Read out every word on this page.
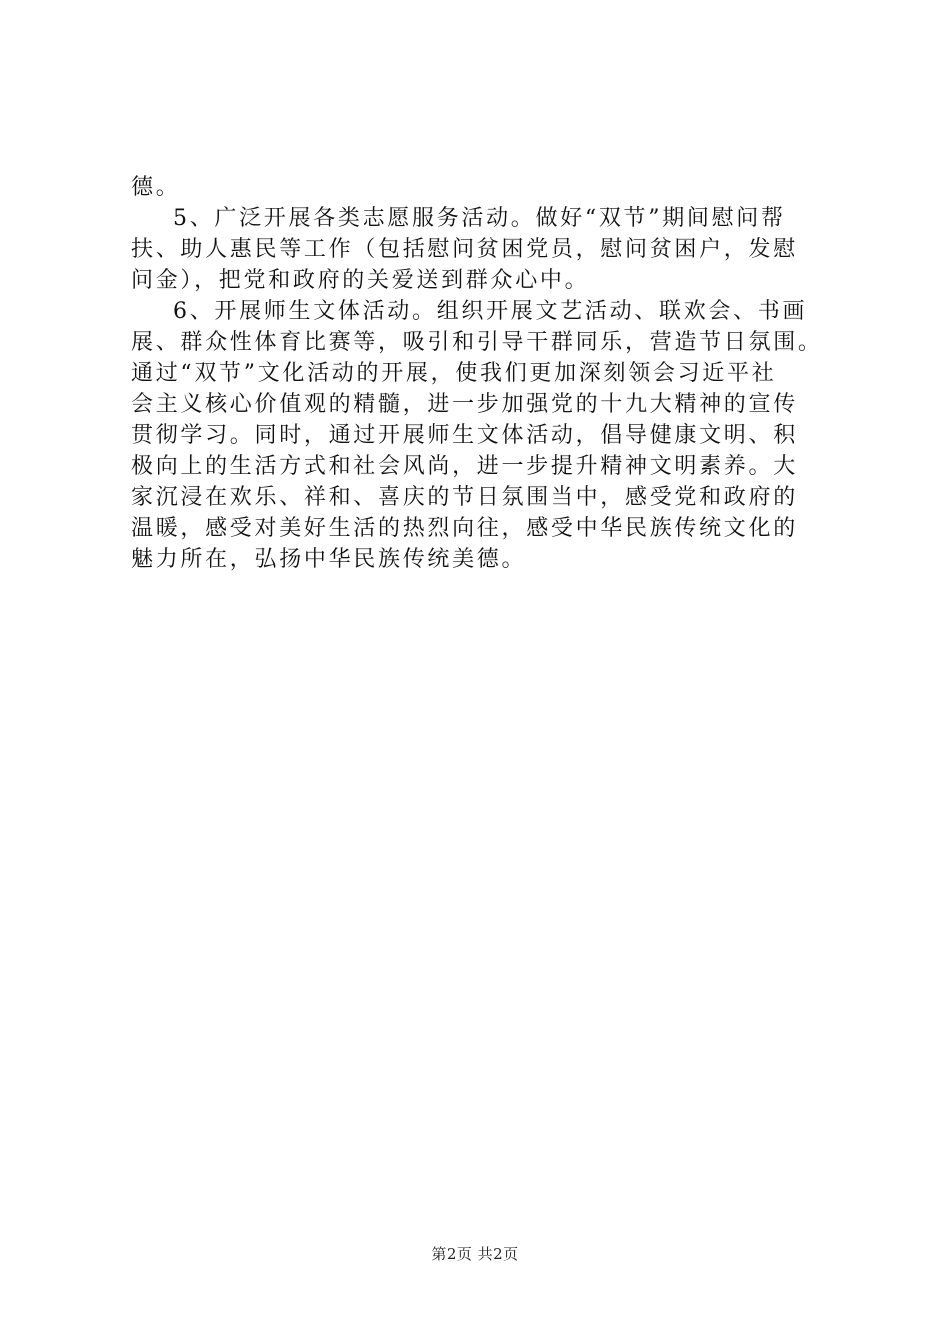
德。
5、广泛开展各类志愿服务活动。做好“双节”期间慰问帮
扶、助人惠民等工作（包括慰问贫困党员，慰问贫困户，发慰
问金），把党和政府的关爱送到群众心中。
6、开展师生文体活动。组织开展文艺活动、联欢会、书画
展、群众性体育比赛等，吸引和引导干群同乐，营造节日氛围。
通过“双节”文化活动的开展，使我们更加深刻领会习近平社
会主义核心价值观的精髓，进一步加强党的十九大精神的宣传
贯彻学习。同时，通过开展师生文体活动，倡导健康文明、积
极向上的生活方式和社会风尚，进一步提升精神文明素养。大
家沉浸在欢乐、祥和、喜庆的节日氛围当中，感受党和政府的
温暖，感受对美好生活的热烈向往，感受中华民族传统文化的
魅力所在，弘扬中华民族传统美德。
第2页 共2页
